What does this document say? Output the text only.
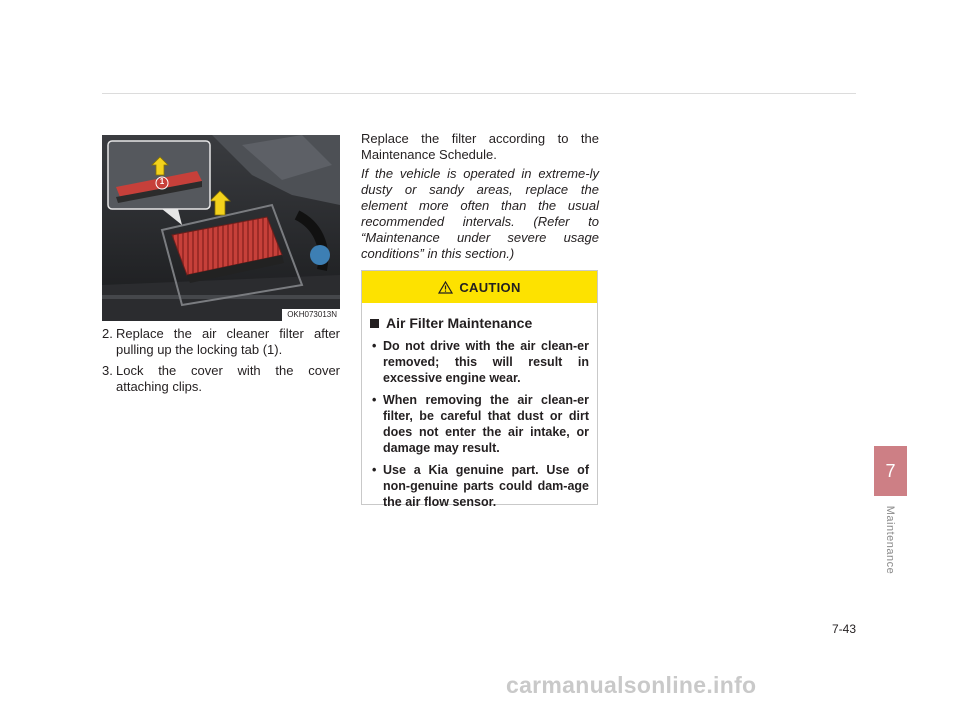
1
OKH073013N
2. Replace the air cleaner filter after pulling up the locking tab (1).
3. Lock the cover with the cover attaching clips.

Replace the filter according to the Maintenance Schedule.

If the vehicle is operated in extreme-ly dusty or sandy areas, replace the element more often than the usual recommended intervals. (Refer to “Maintenance under severe usage conditions” in this section.)

CAUTION
Air Filter Maintenance
• Do not drive with the air clean-er removed; this will result in excessive engine wear.
• When removing the air clean-er filter, be careful that dust or dirt does not enter the air intake, or damage may result.
• Use a Kia genuine part. Use of non-genuine parts could dam-age the air flow sensor.
7
Maintenance
7-43
carmanualsonline.info
